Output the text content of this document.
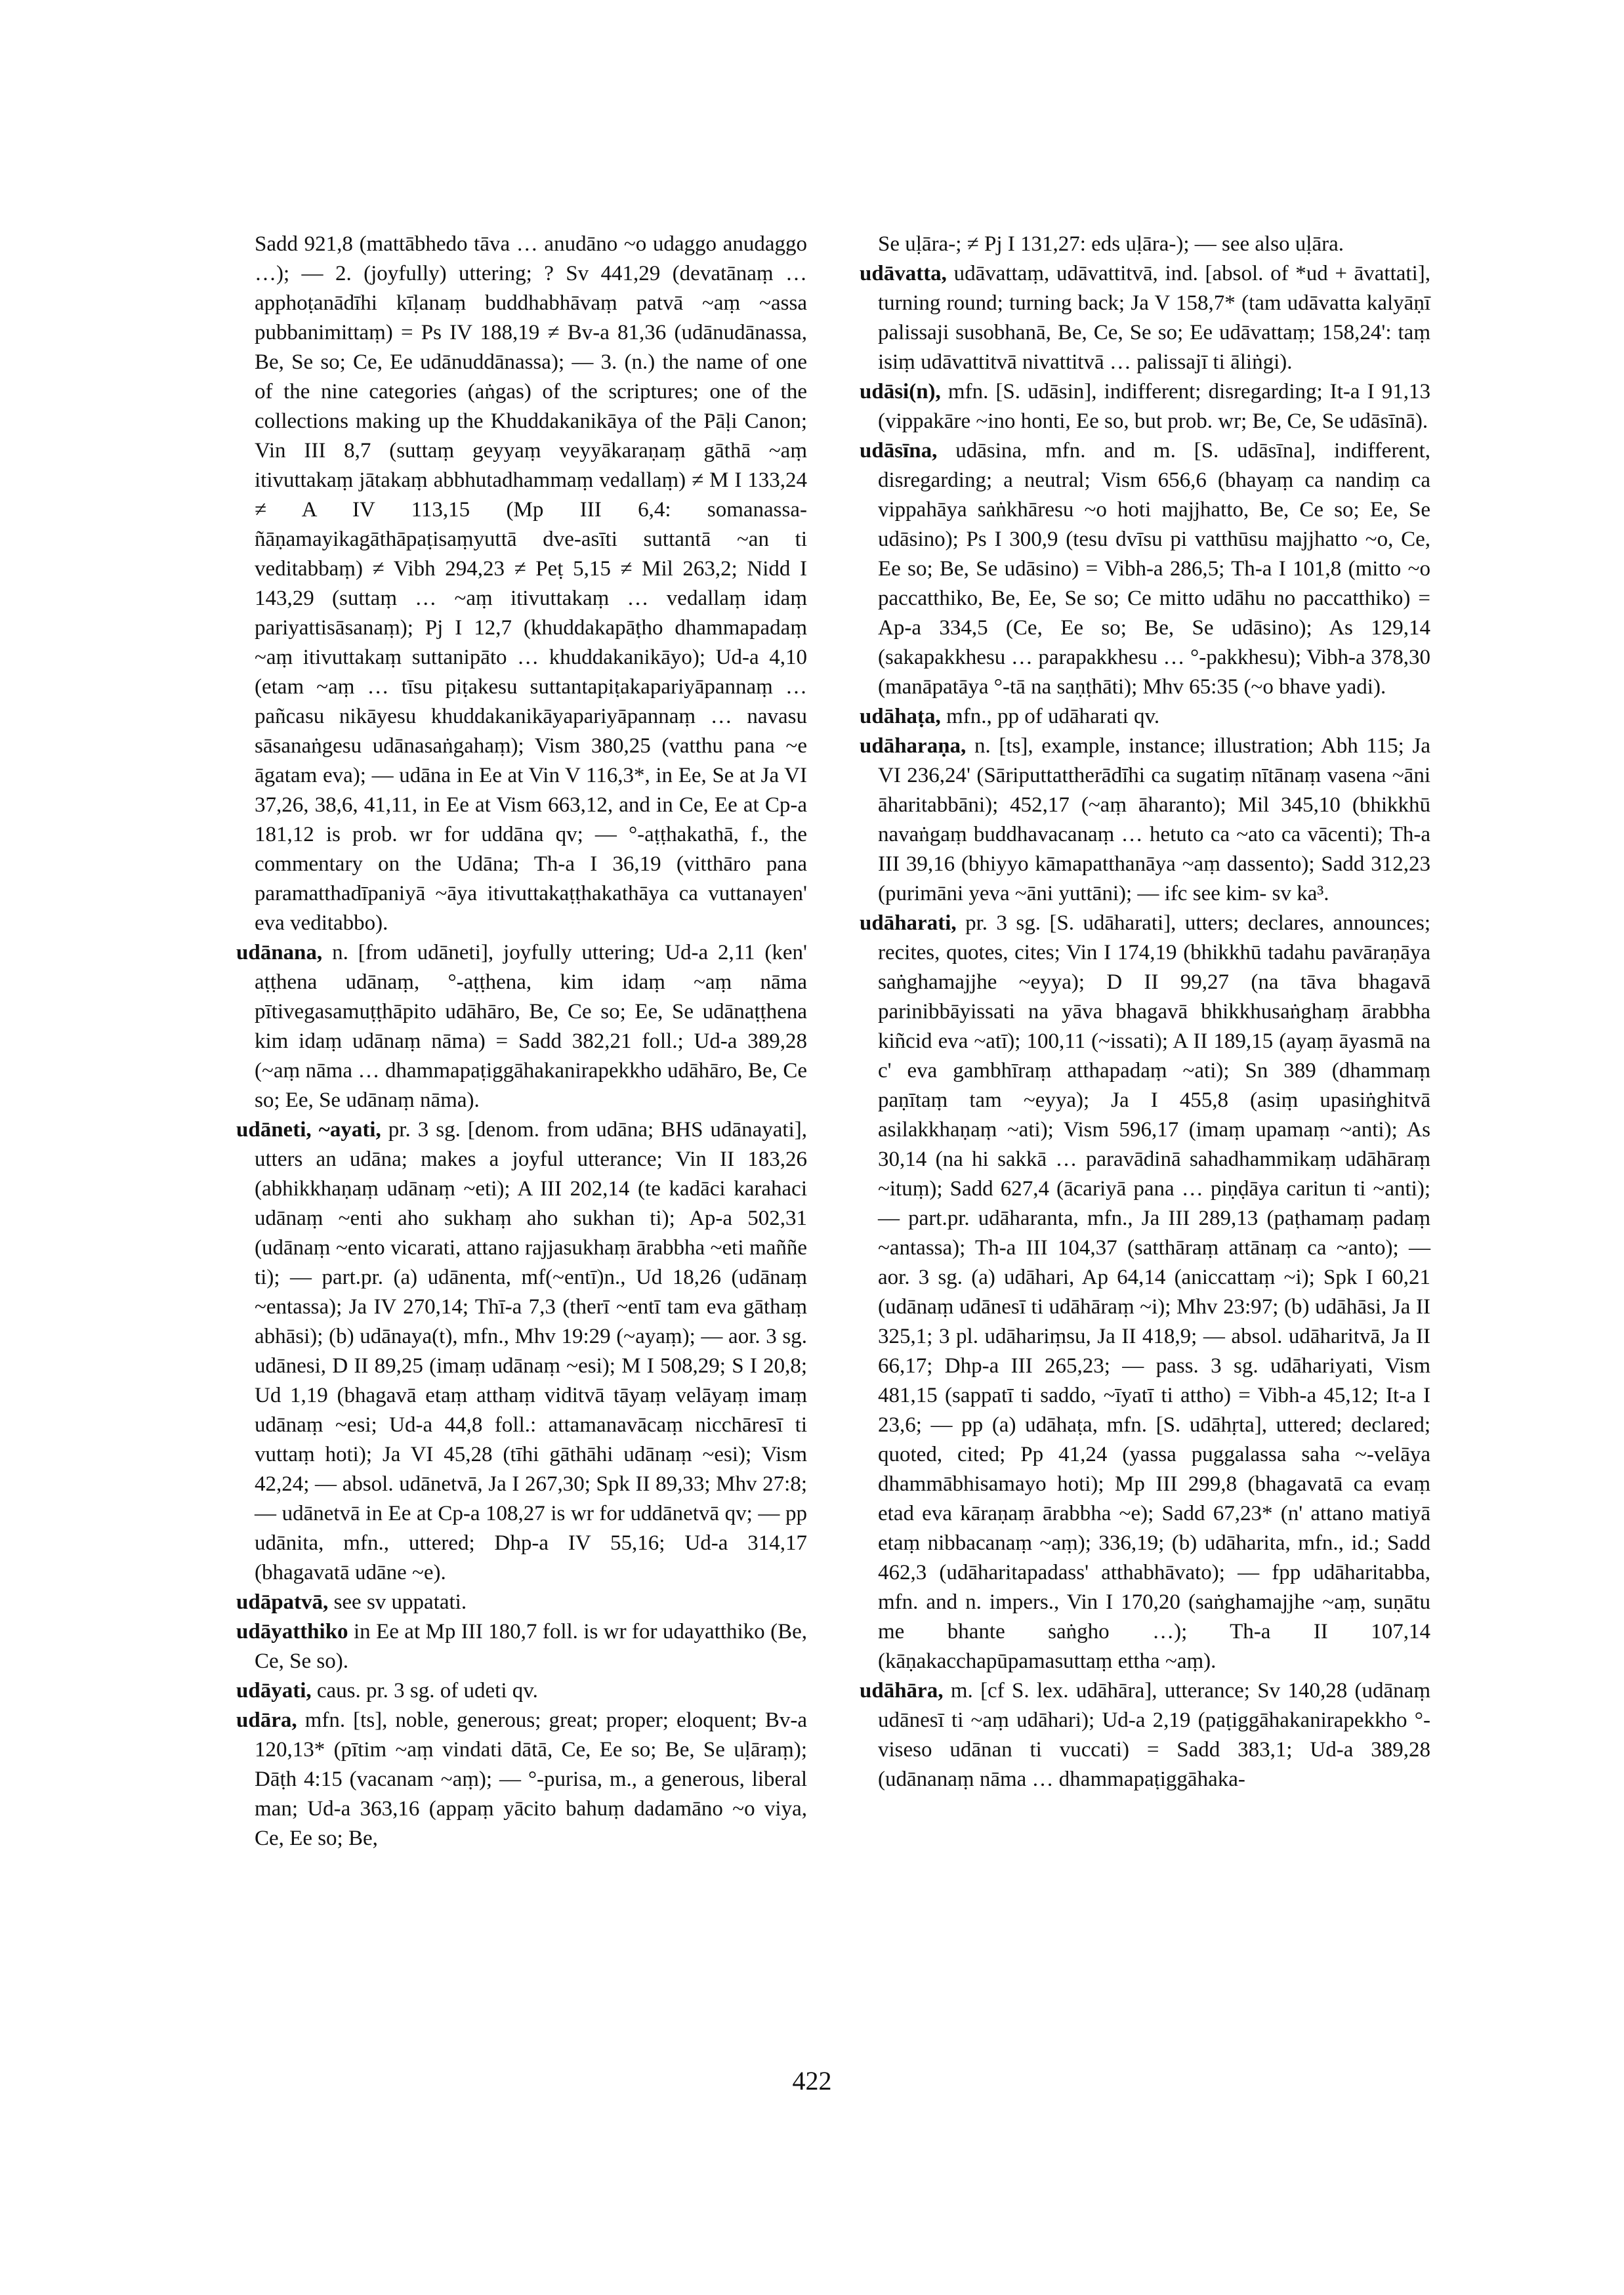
Sadd 921,8 (mattābhedo tāva … anudāno ~o udaggo anudaggo …); — 2. (joyfully) uttering; ? Sv 441,29 (devatānaṃ … apphoṭanādīhi kīḷanaṃ buddhabhāvaṃ patvā ~aṃ ~assa pubbanimittaṃ) = Ps IV 188,19 ≠ Bv-a 81,36 (udānudānassa, Be, Se so; Ce, Ee udānuddānassa); — 3. (n.) the name of one of the nine categories (aṅgas) of the scriptures; one of the collections making up the Khuddakanikāya of the Pāḷi Canon; Vin III 8,7 (suttaṃ geyyaṃ veyyākaraṇaṃ gāthā ~aṃ itivuttakaṃ jātakaṃ abbhutadhammaṃ vedallaṃ) ≠ M I 133,24 ≠ A IV 113,15 (Mp III 6,4: somanassa-ñāṇamayikagāthāpaṭisaṃyuttā dve-asīti suttantā ~an ti veditabbaṃ) ≠ Vibh 294,23 ≠ Peṭ 5,15 ≠ Mil 263,2; Nidd I 143,29 (suttaṃ … ~aṃ itivuttakaṃ … vedallaṃ idaṃ pariyattisāsanaṃ); Pj I 12,7 (khuddakapāṭho dhammapadaṃ ~aṃ itivuttakaṃ suttanipāto … khuddakanikāyo); Ud-a 4,10 (etam ~aṃ … tīsu piṭakesu suttantapiṭakapariyāpannaṃ … pañcasu nikāyesu khuddakanikāyapariyāpannaṃ … navasu sāsanaṅgesu udānasaṅgahaṃ); Vism 380,25 (vatthu pana ~e āgatam eva); — udāna in Ee at Vin V 116,3*, in Ee, Se at Ja VI 37,26, 38,6, 41,11, in Ee at Vism 663,12, and in Ce, Ee at Cp-a 181,12 is prob. wr for uddāna qv; — °-aṭṭhakathā, f., the commentary on the Udāna; Th-a I 36,19 (vitthāro pana paramatthadīpaniyā ~āya itivuttakaṭṭhakathāya ca vuttanayen' eva veditabbo).

udānana, n. [from udāneti], joyfully uttering; Ud-a 2,11 (ken' aṭṭhena udānaṃ, °-aṭṭhena, kim idaṃ ~aṃ nāma pītivegasamuṭṭhāpito udāhāro, Be, Ce so; Ee, Se udānaṭṭhena kim idaṃ udānaṃ nāma) = Sadd 382,21 foll.; Ud-a 389,28 (~aṃ nāma … dhammapaṭiggāhakanirapekkho udāhāro, Be, Ce so; Ee, Se udānaṃ nāma).

udāneti, ~ayati, pr. 3 sg. [denom. from udāna; BHS udānayati], utters an udāna; makes a joyful utterance; Vin II 183,26 (abhikkhaṇaṃ udānaṃ ~eti); A III 202,14 (te kadāci karahaci udānaṃ ~enti aho sukhaṃ aho sukhan ti); Ap-a 502,31 (udānaṃ ~ento vicarati, attano rajjasukhaṃ ārabbha ~eti maññe ti); — part.pr. (a) udānenta, mf(~entī)n., Ud 18,26 (udānaṃ ~entassa); Ja IV 270,14; Thī-a 7,3 (therī ~entī tam eva gāthaṃ abhāsi); (b) udānaya(t), mfn., Mhv 19:29 (~ayaṃ); — aor. 3 sg. udānesi, D II 89,25 (imaṃ udānaṃ ~esi); M I 508,29; S I 20,8; Ud 1,19 (bhagavā etaṃ atthaṃ viditvā tāyaṃ velāyaṃ imaṃ udānaṃ ~esi; Ud-a 44,8 foll.: attamanavācaṃ nicchāresī ti vuttaṃ hoti); Ja VI 45,28 (tīhi gāthāhi udānaṃ ~esi); Vism 42,24; — absol. udānetvā, Ja I 267,30; Spk II 89,33; Mhv 27:8; — udānetvā in Ee at Cp-a 108,27 is wr for uddānetvā qv; — pp udānita, mfn., uttered; Dhp-a IV 55,16; Ud-a 314,17 (bhagavatā udāne ~e).

udāpatvā, see sv uppatati.

udāyatthiko in Ee at Mp III 180,7 foll. is wr for udayatthiko (Be, Ce, Se so).

udāyati, caus. pr. 3 sg. of udeti qv.

udāra, mfn. [ts], noble, generous; great; proper; eloquent; Bv-a 120,13* (pītim ~aṃ vindati dātā, Ce, Ee so; Be, Se uḷāraṃ); Dāṭh 4:15 (vacanam ~aṃ); — °-purisa, m., a generous, liberal man; Ud-a 363,16 (appaṃ yācito bahuṃ dadamāno ~o viya, Ce, Ee so; Be,

Se uḷāra-; ≠ Pj I 131,27: eds uḷāra-); — see also uḷāra.

udāvatta, udāvattaṃ, udāvattitvā, ind. [absol. of *ud + āvattati], turning round; turning back; Ja V 158,7* (tam udāvatta kalyāṇī palissaji susobhanā, Be, Ce, Se so; Ee udāvattaṃ; 158,24': taṃ isiṃ udāvattitvā nivattitvā … palissajī ti āliṅgi).

udāsi(n), mfn. [S. udāsin], indifferent; disregarding; It-a I 91,13 (vippakāre ~ino honti, Ee so, but prob. wr; Be, Ce, Se udāsīnā).

udāsīna, udāsina, mfn. and m. [S. udāsīna], indifferent, disregarding; a neutral; Vism 656,6 (bhayaṃ ca nandiṃ ca vippahāya saṅkhāresu ~o hoti majjhatto, Be, Ce so; Ee, Se udāsino); Ps I 300,9 (tesu dvīsu pi vatthūsu majjhatto ~o, Ce, Ee so; Be, Se udāsino) = Vibh-a 286,5; Th-a I 101,8 (mitto ~o paccatthiko, Be, Ee, Se so; Ce mitto udāhu no paccatthiko) = Ap-a 334,5 (Ce, Ee so; Be, Se udāsino); As 129,14 (sakapakkhesu … parapakkhesu … °-pakkhesu); Vibh-a 378,30 (manāpatāya °-tā na saṇṭhāti); Mhv 65:35 (~o bhave yadi).

udāhaṭa, mfn., pp of udāharati qv.

udāharaṇa, n. [ts], example, instance; illustration; Abh 115; Ja VI 236,24' (Sāriputtattherādīhi ca sugatiṃ nītānaṃ vasena ~āni āharitabbāni); 452,17 (~aṃ āharanto); Mil 345,10 (bhikkhū navaṅgaṃ buddhavacanaṃ … hetuto ca ~ato ca vācenti); Th-a III 39,16 (bhiyyo kāmapatthanāya ~aṃ dassento); Sadd 312,23 (purimāni yeva ~āni yuttāni); — ifc see kim- sv ka³.

udāharati, pr. 3 sg. [S. udāharati], utters; declares, announces; recites, quotes, cites; Vin I 174,19 (bhikkhū tadahu pavāraṇāya saṅghamajjhe ~eyya); D II 99,27 (na tāva bhagavā parinibbāyissati na yāva bhagavā bhikkhusaṅghaṃ ārabbha kiñcid eva ~atī); 100,11 (~issati); A II 189,15 (ayaṃ āyasmā na c' eva gambhīraṃ atthapadaṃ ~ati); Sn 389 (dhammaṃ paṇītaṃ tam ~eyya); Ja I 455,8 (asiṃ upasiṅghitvā asilakkhaṇaṃ ~ati); Vism 596,17 (imaṃ upamaṃ ~anti); As 30,14 (na hi sakkā … paravādinā sahadhammikaṃ udāhāraṃ ~ituṃ); Sadd 627,4 (ācariyā pana … piṇḍāya caritun ti ~anti); — part.pr. udāharanta, mfn., Ja III 289,13 (paṭhamaṃ padaṃ ~antassa); Th-a III 104,37 (satthāraṃ attānaṃ ca ~anto); — aor. 3 sg. (a) udāhari, Ap 64,14 (aniccattaṃ ~i); Spk I 60,21 (udānaṃ udānesī ti udāhāraṃ ~i); Mhv 23:97; (b) udāhāsi, Ja II 325,1; 3 pl. udāhariṃsu, Ja II 418,9; — absol. udāharitvā, Ja II 66,17; Dhp-a III 265,23; — pass. 3 sg. udāhariyati, Vism 481,15 (sappatī ti saddo, ~īyatī ti attho) = Vibh-a 45,12; It-a I 23,6; — pp (a) udāhaṭa, mfn. [S. udāhṛta], uttered; declared; quoted, cited; Pp 41,24 (yassa puggalassa saha ~-velāya dhammābhisamayo hoti); Mp III 299,8 (bhagavatā ca evaṃ etad eva kāraṇaṃ ārabbha ~e); Sadd 67,23* (n' attano matiyā etaṃ nibbacanaṃ ~aṃ); 336,19; (b) udāharita, mfn., id.; Sadd 462,3 (udāharitapadass' atthabhāvato); — fpp udāharitabba, mfn. and n. impers., Vin I 170,20 (saṅghamajjhe ~aṃ, suṇātu me bhante saṅgho …); Th-a II 107,14 (kāṇakacchapūpamasuttaṃ ettha ~aṃ).

udāhāra, m. [cf S. lex. udāhāra], utterance; Sv 140,28 (udānaṃ udānesī ti ~aṃ udāhari); Ud-a 2,19 (paṭiggāhakanirapekkho °-viseso udānan ti vuccati) = Sadd 383,1; Ud-a 389,28 (udānanaṃ nāma … dhammapaṭiggāhaka-

422
